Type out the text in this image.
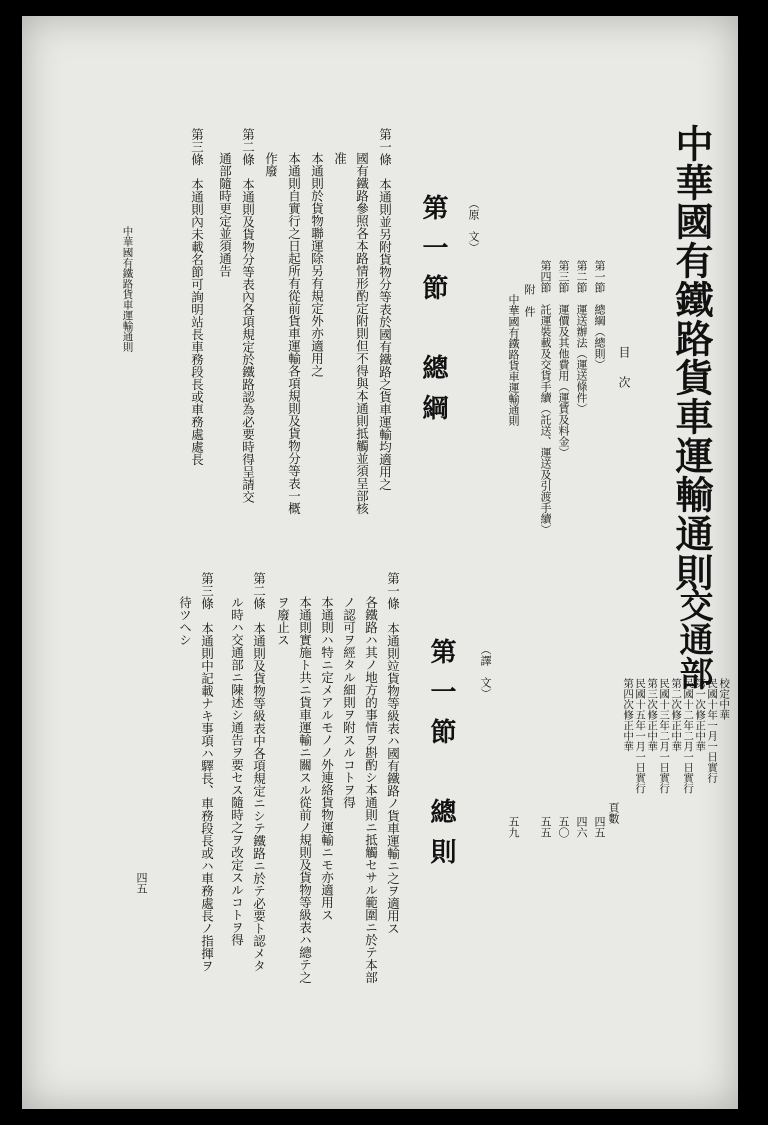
中華國有鐵路貨車運輸通則
交通部
校定中華
民國十年一月一日實行
第一次修正中華
民國十二年二月一日實行
第二次修正中華
民國十三年二月一日實行
第三次修正中華
民國十五年一月一日實行
第四次修正中華
目次
頁數
第一節　總綱（總則）
四五
第二節　運送辦法（運送條件）
四六
第三節　運價及其他費用（運賃及料金）
五〇
第四節　託運裝載及交貨手續（託送、運送及引渡手續）
五五
附　件
中華國有鐵路貨車運輸通則
五九
（原　文）
（譯　文）
第一節　總綱
第一節　總則
第一條　本通則並另附貨物分等表於國有鐵路之貨車運輸均適用之
國有鐵路參照各本路情形酌定附則但不得與本通則抵觸並須呈部核
准
本通則於貨物聯運除另有規定外亦適用之
本通則自實行之日起所有從前貨車運輸各項規則及貨物分等表一概
作廢
第二條　本通則及貨物分等表內各項規定於鐵路認為必要時得呈請交
通部隨時更定並須通告
第三條　本通則內未載名節可詢明站長車務段長或車務處處長
中華國有鐵路貨車運輸通則
第一條　本通則竝貨物等級表ハ國有鐵路ノ貨車運輸ニ之ヲ適用ス
各鐵路ハ其ノ地方的事情ヲ斟酌シ本通則ニ抵觸セサル範圍ニ於テ本部
ノ認可ヲ經タル細則ヲ附スルコトヲ得
本通則ハ特ニ定メアルモノノ外連絡貨物運輸ニモ亦適用ス
本通則實施ト共ニ貨車運輸ニ關スル從前ノ規則及貨物等級表ハ總テ之
ヲ廢止ス
第二條　本通則及貨物等級表中各項規定ニシテ鐵路ニ於テ必要ト認メタ
ル時ハ交通部ニ陳述シ通告ヲ要セス隨時之ヲ改定スルコトヲ得
第三條　本通則中記載ナキ事項ハ驛長、車務段長或ハ車務處長ノ指揮ヲ
待ツヘシ
四五
